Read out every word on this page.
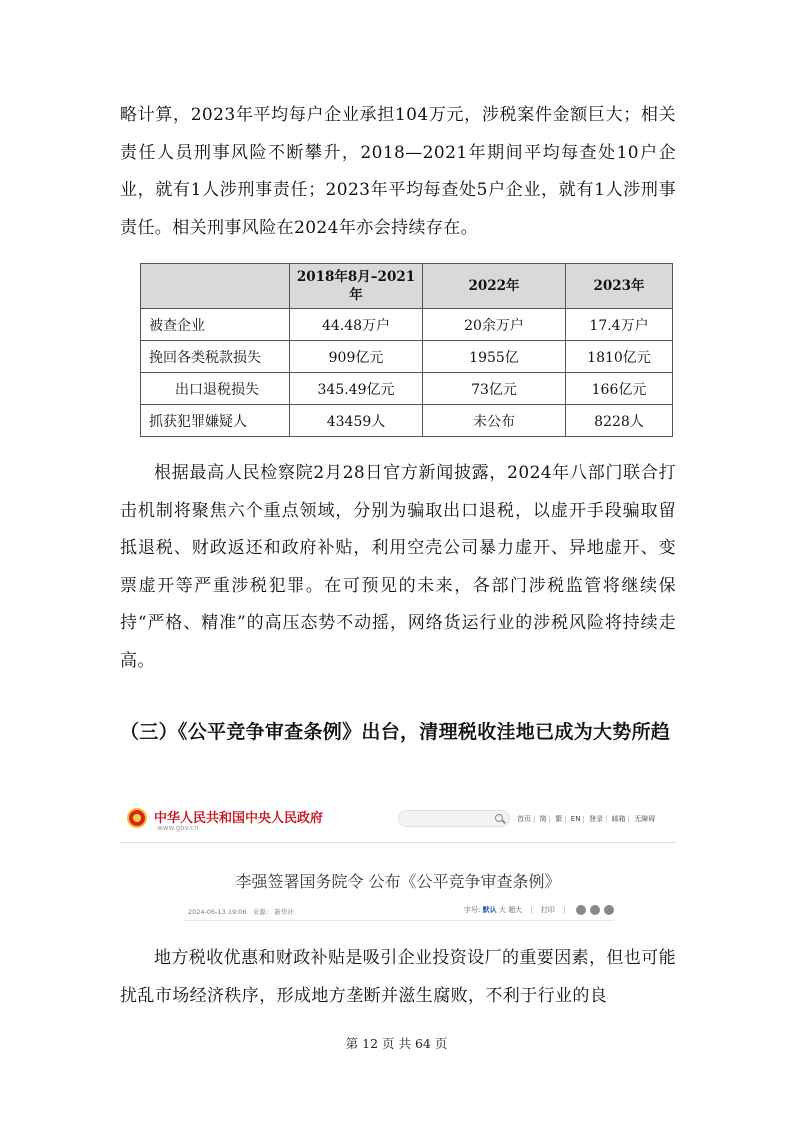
略计算，2023年平均每户企业承担104万元，涉税案件金额巨大；相关责任人员刑事风险不断攀升，2018—2021年期间平均每查处10户企业，就有1人涉刑事责任；2023年平均每查处5户企业，就有1人涉刑事责任。相关刑事风险在2024年亦会持续存在。

	2018年8月–2021年	2022年	2023年
被查企业	44.48万户	20余万户	17.4万户
挽回各类税款损失	909亿元	1955亿	1810亿元
出口退税损失	345.49亿元	73亿元	166亿元
抓获犯罪嫌疑人	43459人	未公布	8228人

根据最高人民检察院2月28日官方新闻披露，2024年八部门联合打击机制将聚焦六个重点领域，分别为骗取出口退税，以虚开手段骗取留抵退税、财政返还和政府补贴，利用空壳公司暴力虚开、异地虚开、变票虚开等严重涉税犯罪。在可预见的未来，各部门涉税监管将继续保持“严格、精准”的高压态势不动摇，网络货运行业的涉税风险将持续走高。

（三）《公平竞争审查条例》出台，清理税收洼地已成为大势所趋
中华人民共和国中央人民政府
www.gov.cn
首页 | 简 | 繁 | EN | 登录 | 邮箱 | 无障碍
李强签署国务院令 公布《公平竞争审查条例》
2024-06-13 19:06 来源： 新华社	字号: 默认 大 超大 | 打印 |

地方税收优惠和财政补贴是吸引企业投资设厂的重要因素，但也可能扰乱市场经济秩序，形成地方垄断并滋生腐败，不利于行业的良

第 12 页 共 64 页
